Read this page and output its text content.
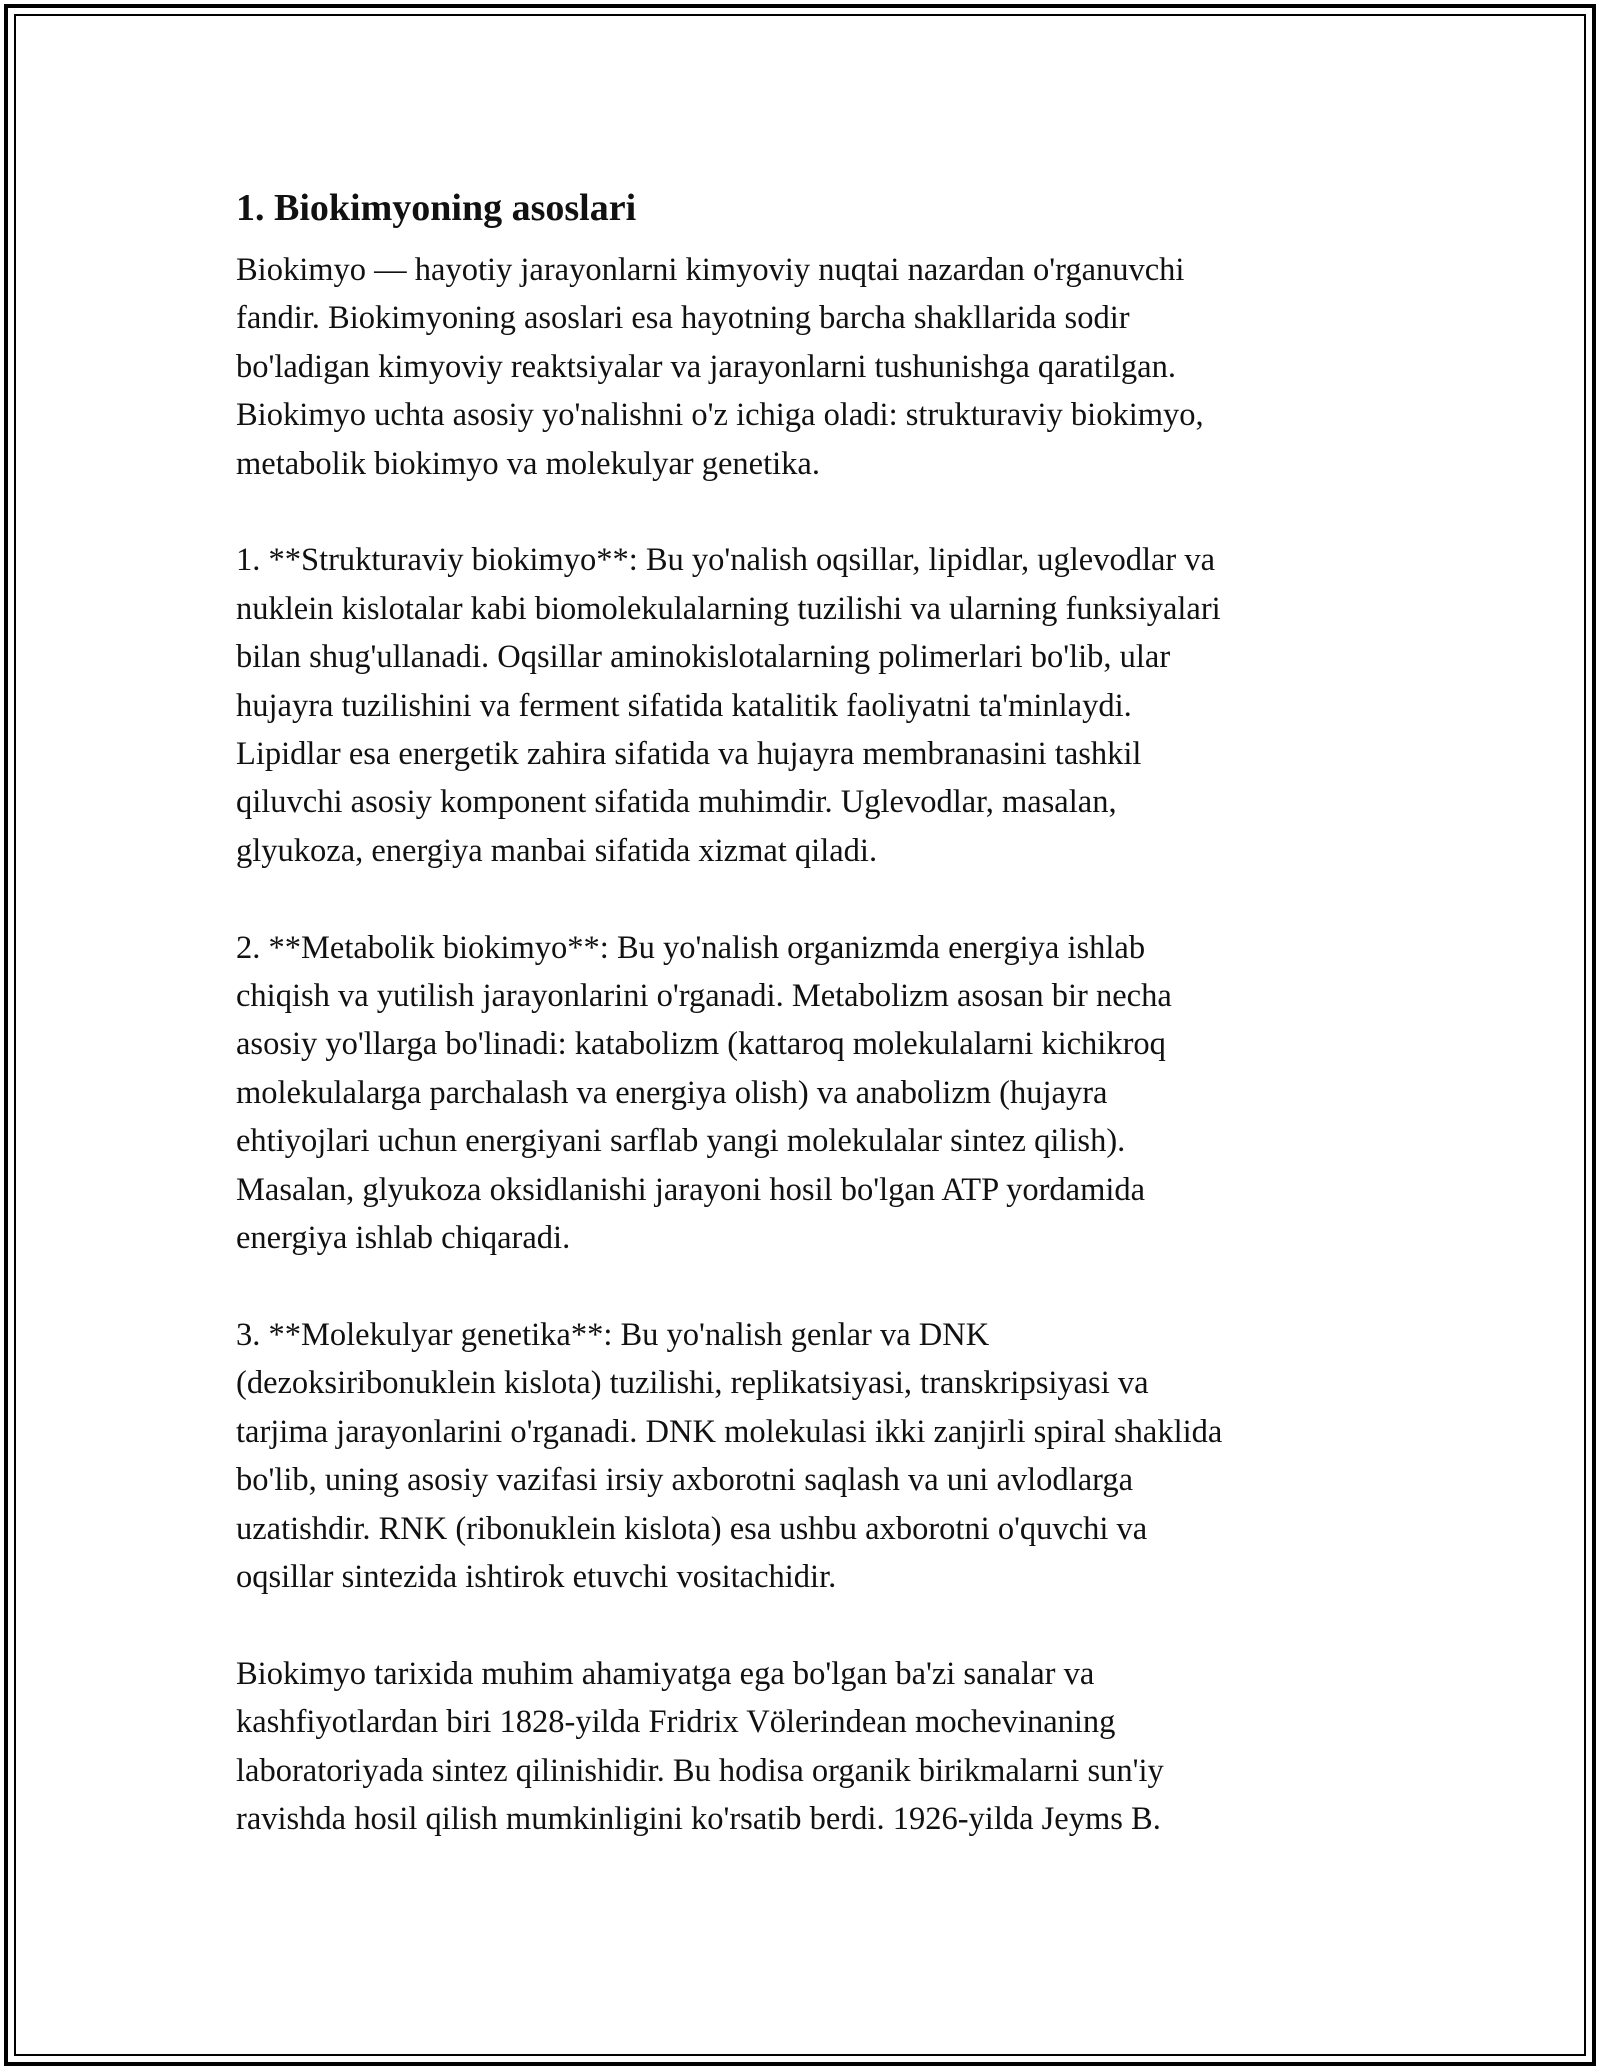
1. Biokimyoning asoslari
Biokimyo — hayotiy jarayonlarni kimyoviy nuqtai nazardan o'rganuvchi
fandir. Biokimyoning asoslari esa hayotning barcha shakllarida sodir
bo'ladigan kimyoviy reaktsiyalar va jarayonlarni tushunishga qaratilgan.
Biokimyo uchta asosiy yo'nalishni o'z ichiga oladi: strukturaviy biokimyo,
metabolik biokimyo va molekulyar genetika.
1. **Strukturaviy biokimyo**: Bu yo'nalish oqsillar, lipidlar, uglevodlar va
nuklein kislotalar kabi biomolekulalarning tuzilishi va ularning funksiyalari
bilan shug'ullanadi. Oqsillar aminokislotalarning polimerlari bo'lib, ular
hujayra tuzilishini va ferment sifatida katalitik faoliyatni ta'minlaydi.
Lipidlar esa energetik zahira sifatida va hujayra membranasini tashkil
qiluvchi asosiy komponent sifatida muhimdir. Uglevodlar, masalan,
glyukoza, energiya manbai sifatida xizmat qiladi.
2. **Metabolik biokimyo**: Bu yo'nalish organizmda energiya ishlab
chiqish va yutilish jarayonlarini o'rganadi. Metabolizm asosan bir necha
asosiy yo'llarga bo'linadi: katabolizm (kattaroq molekulalarni kichikroq
molekulalarga parchalash va energiya olish) va anabolizm (hujayra
ehtiyojlari uchun energiyani sarflab yangi molekulalar sintez qilish).
Masalan, glyukoza oksidlanishi jarayoni hosil bo'lgan ATP yordamida
energiya ishlab chiqaradi.
3. **Molekulyar genetika**: Bu yo'nalish genlar va DNK
(dezoksiribonuklein kislota) tuzilishi, replikatsiyasi, transkripsiyasi va
tarjima jarayonlarini o'rganadi. DNK molekulasi ikki zanjirli spiral shaklida
bo'lib, uning asosiy vazifasi irsiy axborotni saqlash va uni avlodlarga
uzatishdir. RNK (ribonuklein kislota) esa ushbu axborotni o'quvchi va
oqsillar sintezida ishtirok etuvchi vositachidir.
Biokimyo tarixida muhim ahamiyatga ega bo'lgan ba'zi sanalar va
kashfiyotlardan biri 1828-yilda Fridrix Völerindean mochevinaning
laboratoriyada sintez qilinishidir. Bu hodisa organik birikmalarni sun'iy
ravishda hosil qilish mumkinligini ko'rsatib berdi. 1926-yilda Jeyms B.
